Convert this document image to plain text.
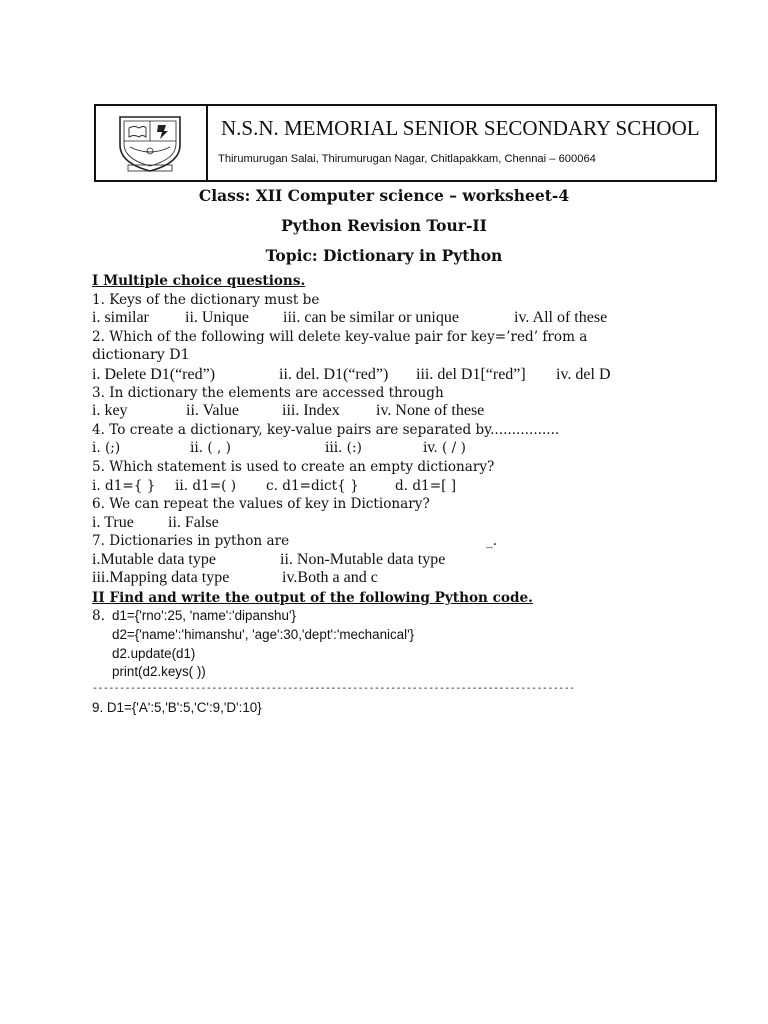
N.S.N. MEMORIAL SENIOR SECONDARY SCHOOL
Thirumurugan Salai, Thirumurugan Nagar, Chitlapakkam, Chennai – 600064
Class: XII Computer science – worksheet-4
Python Revision Tour-II
Topic: Dictionary in Python
I Multiple choice questions.
1. Keys of the dictionary must be
i. similar ii. Unique iii. can be similar or unique	iv. All of these
2. Which of the following will delete key-value pair for key=’red’ from a
dictionary D1
i. Delete D1(“red”)	ii. del. D1(“red”) iii. del D1[“red”] iv. del D
3. In dictionary the elements are accessed through
i. key	ii. Value	iii. Index iv. None of these
4. To create a dictionary, key-value pairs are separated by................
i. (;)	ii. ( , )	iii. (:)	iv. ( / )
5. Which statement is used to create an empty dictionary?
i. d1={ } ii. d1=( ) c. d1=dict{ }	d. d1=[ ]
6. We can repeat the values of key in Dictionary?
i. True ii. False
7. Dictionaries in python are	_.
i.Mutable data type	ii. Non-Mutable data type
iii.Mapping data type	iv.Both a and c
II Find and write the output of the following Python code.
8. d1={'rno':25, 'name':'dipanshu'}
d2={'name':'himanshu', 'age':30,'dept':'mechanical'}
d2.update(d1)
print(d2.keys( ))
-----------------------------------------------------------------------------------------
9. D1={'A':5,'B':5,'C':9,'D':10}
